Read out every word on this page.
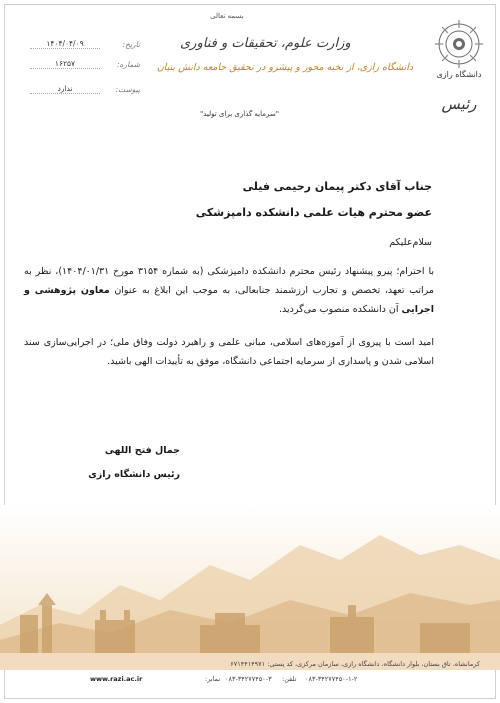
دانشگاه رازی
رئیس
بسمه تعالی
وزارت علوم، تحقیقات و فناوری
دانشگاه رازی، از نخبه محور و پیشرو در تحقیق جامعه دانش بنیان
تاریخ:
۱۴۰۴/۰۴/۰۹
شماره:
۱۶۲۵۷
پیوست:
ندارد
"سرمایه گذاری برای تولید"
جناب آقای دکتر پیمان رحیمی فیلی
عضو محترم هیات علمی دانشکده دامپزشکی
سلام‌علیکم
با احترام؛ پیرو پیشنهاد رئیس محترم دانشکده دامپزشکی (به شماره ۳۱۵۴ مورخ ۱۴۰۴/۰۱/۳۱)، نظر به مراتب تعهد، تخصص و تجارب ارزشمند جنابعالی، به موجب این ابلاغ به عنوان معاون پژوهشی و اجرایی آن دانشکده منصوب می‌گردید.
امید است با پیروی از آموزه‌های اسلامی، مبانی علمی و راهبرد دولت وفاق ملی؛ در اجرایی‌سازی سند اسلامی شدن و پاسداری از سرمایه اجتماعی دانشگاه، موفق به تأییدات الهی باشید.
جمال فتح اللهی
رئیس دانشگاه رازی
کرمانشاه، تاق بستان، بلوار دانشگاه، دانشگاه رازی، سازمان مرکزی، کد پستی: ۶۷۱۴۴۱۴۹۷۱
www.razi.ac.ir	۰۸۳-۳۴۲۷۷۴۵۰-۳
نمابر:	۰۸۳-۳۴۲۷۷۴۵۰-۱-۲
تلفن:
